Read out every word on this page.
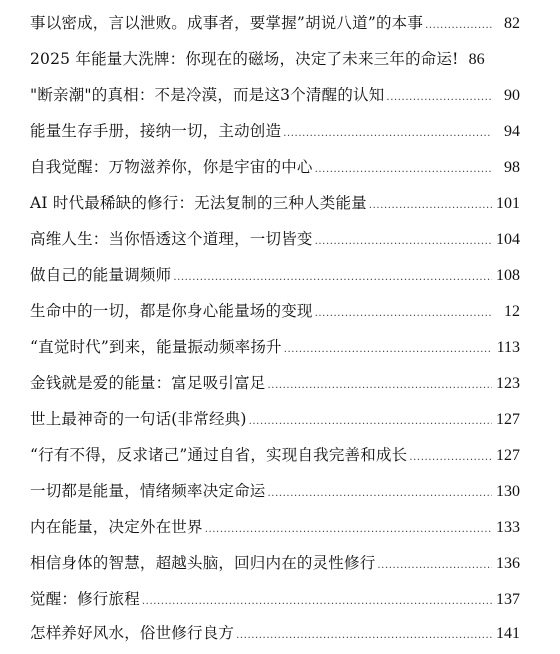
事以密成，言以泄败。成事者，要掌握”胡说八道”的本事 .....	82
2025 年能量大洗牌：你现在的磁场，决定了未来三年的命运! 86
"断亲潮"的真相：不是冷漠，而是这3个清醒的认知 .....	90
能量生存手册，接纳一切，主动创造 .....	94
自我觉醒：万物滋养你，你是宇宙的中心 .....	98
AI 时代最稀缺的修行：无法复制的三种人类能量 .....	101
高维人生：当你悟透这个道理，一切皆变 .....	104
做自己的能量调频师 .....	108
生命中的一切，都是你身心能量场的变现 .....	12
“直觉时代”到来，能量振动频率扬升 .....	113
金钱就是爱的能量：富足吸引富足 .....	123
世上最神奇的一句话(非常经典) .....	127
“行有不得，反求诸己”通过自省，实现自我完善和成长 .....	127
一切都是能量，情绪频率决定命运 .....	130
内在能量，决定外在世界 .....	133
相信身体的智慧，超越头脑，回归内在的灵性修行 .....	136
觉醒：修行旅程 .....	137
怎样养好风水，俗世修行良方 .....	141
